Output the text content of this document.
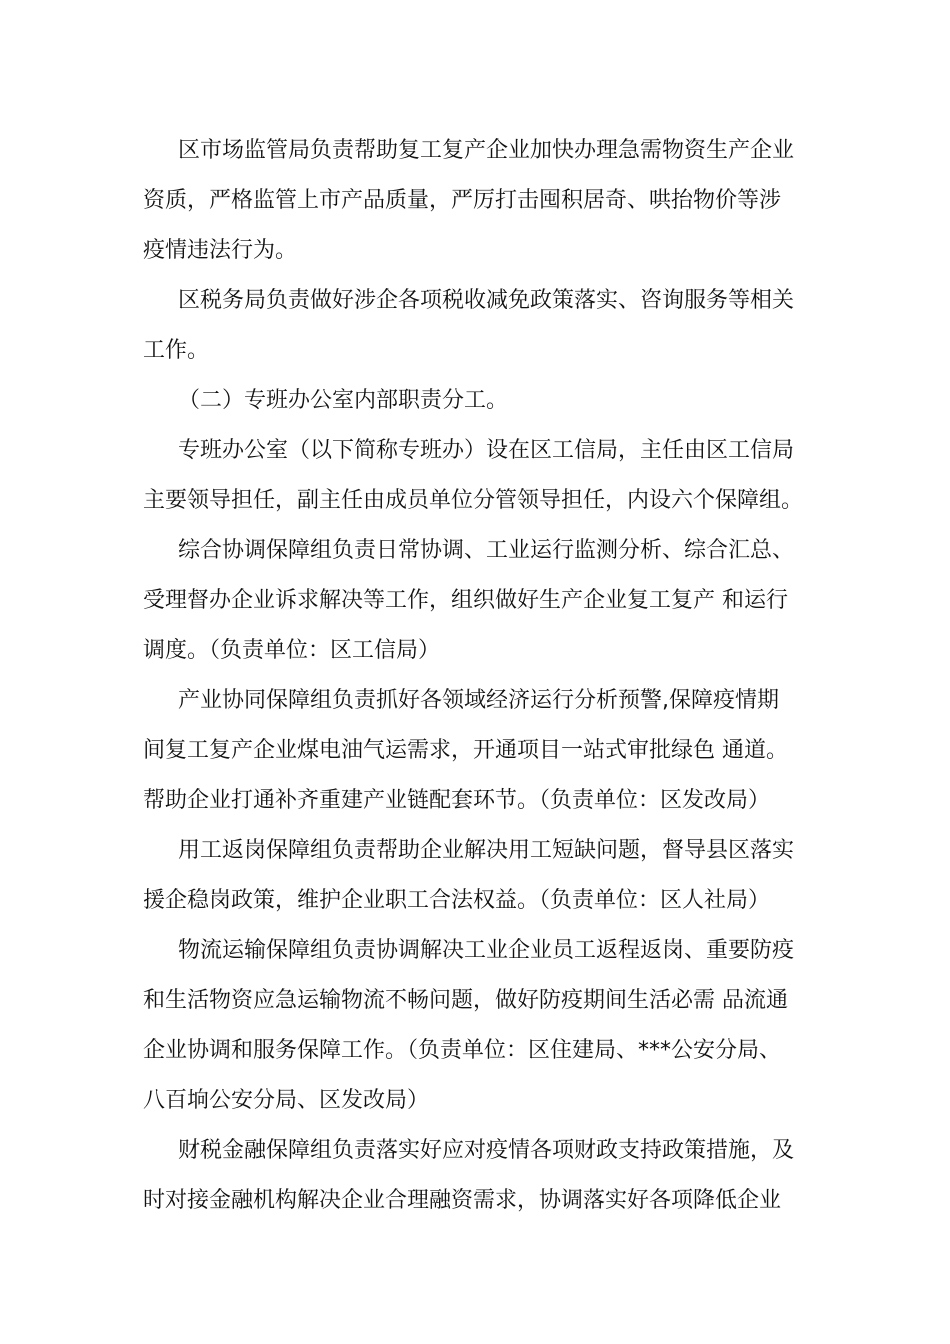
区市场监管局负责帮助复工复产企业加快办理急需物资生产企业
资质，严格监管上市产品质量，严厉打击囤积居奇、哄抬物价等涉
疫情违法行为。
区税务局负责做好涉企各项税收减免政策落实、咨询服务等相关
工作。
（二）专班办公室内部职责分工。
专班办公室（以下简称专班办）设在区工信局，主任由区工信局
主要领导担任，副主任由成员单位分管领导担任，内设六个保障组。
综合协调保障组负责日常协调、工业运行监测分析、综合汇总、
受理督办企业诉求解决等工作，组织做好生产企业复工复产 和运行
调度。（负责单位：区工信局）
产业协同保障组负责抓好各领域经济运行分析预警,保障疫情期
间复工复产企业煤电油气运需求，开通项目一站式审批绿色 通道。
帮助企业打通补齐重建产业链配套环节。（负责单位：区发改局）
用工返岗保障组负责帮助企业解决用工短缺问题，督导县区落实
援企稳岗政策，维护企业职工合法权益。（负责单位：区人社局）
物流运输保障组负责协调解决工业企业员工返程返岗、重要防疫
和生活物资应急运输物流不畅问题，做好防疫期间生活必需 品流通
企业协调和服务保障工作。（负责单位：区住建局、***公安分局、
八百垧公安分局、区发改局）
财税金融保障组负责落实好应对疫情各项财政支持政策措施，及
时对接金融机构解决企业合理融资需求，协调落实好各项降低企业
